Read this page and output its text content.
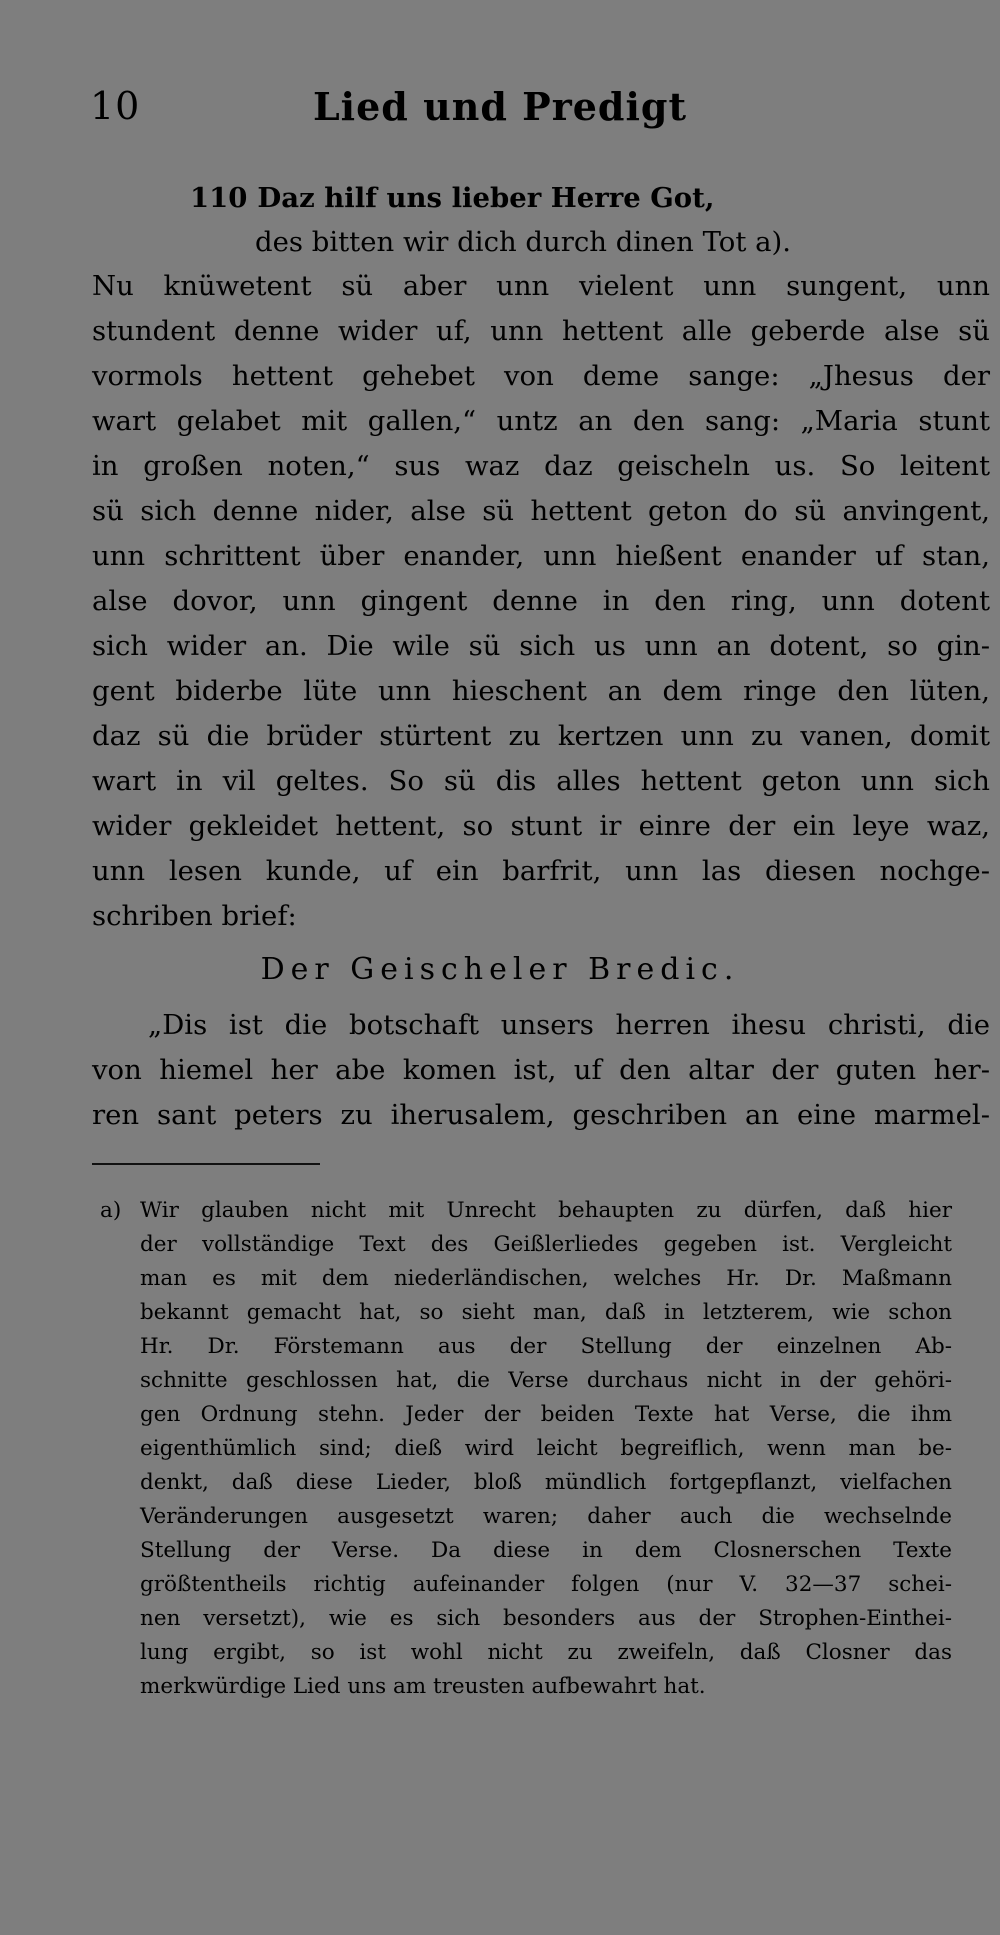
10	Lied und Predigt
110 Daz hilf uns lieber Herre Got,
des bitten wir dich durch dinen Tot a).
Nu knüwetent sü aber unn vielent unn sungent, unn
stundent denne wider uf, unn hettent alle geberde alse sü
vormols hettent gehebet von deme sange: „Jhesus der
wart gelabet mit gallen,“ untz an den sang: „Maria stunt
in großen noten,“ sus waz daz geischeln us. So leitent
sü sich denne nider, alse sü hettent geton do sü anvingent,
unn schrittent über enander, unn hießent enander uf stan,
alse dovor, unn gingent denne in den ring, unn dotent
sich wider an. Die wile sü sich us unn an dotent, so gin-
gent biderbe lüte unn hieschent an dem ringe den lüten,
daz sü die brüder stürtent zu kertzen unn zu vanen, domit
wart in vil geltes. So sü dis alles hettent geton unn sich
wider gekleidet hettent, so stunt ir einre der ein leye waz,
unn lesen kunde, uf ein barfrit, unn las diesen nochge-
schriben brief:
Der Geischeler Bredic.
„Dis ist die botschaft unsers herren ihesu christi, die
von hiemel her abe komen ist, uf den altar der guten her-
ren sant peters zu iherusalem, geschriben an eine marmel-
a) Wir glauben nicht mit Unrecht behaupten zu dürfen, daß hier
der vollständige Text des Geißlerliedes gegeben ist. Vergleicht
man es mit dem niederländischen, welches Hr. Dr. Maßmann
bekannt gemacht hat, so sieht man, daß in letzterem, wie schon
Hr. Dr. Förstemann aus der Stellung der einzelnen Ab-
schnitte geschlossen hat, die Verse durchaus nicht in der gehöri-
gen Ordnung stehn. Jeder der beiden Texte hat Verse, die ihm
eigenthümlich sind; dieß wird leicht begreiflich, wenn man be-
denkt, daß diese Lieder, bloß mündlich fortgepflanzt, vielfachen
Veränderungen ausgesetzt waren; daher auch die wechselnde
Stellung der Verse. Da diese in dem Closnerschen Texte
größtentheils richtig aufeinander folgen (nur V. 32—37 schei-
nen versetzt), wie es sich besonders aus der Strophen-Einthei-
lung ergibt, so ist wohl nicht zu zweifeln, daß Closner das
merkwürdige Lied uns am treusten aufbewahrt hat.
